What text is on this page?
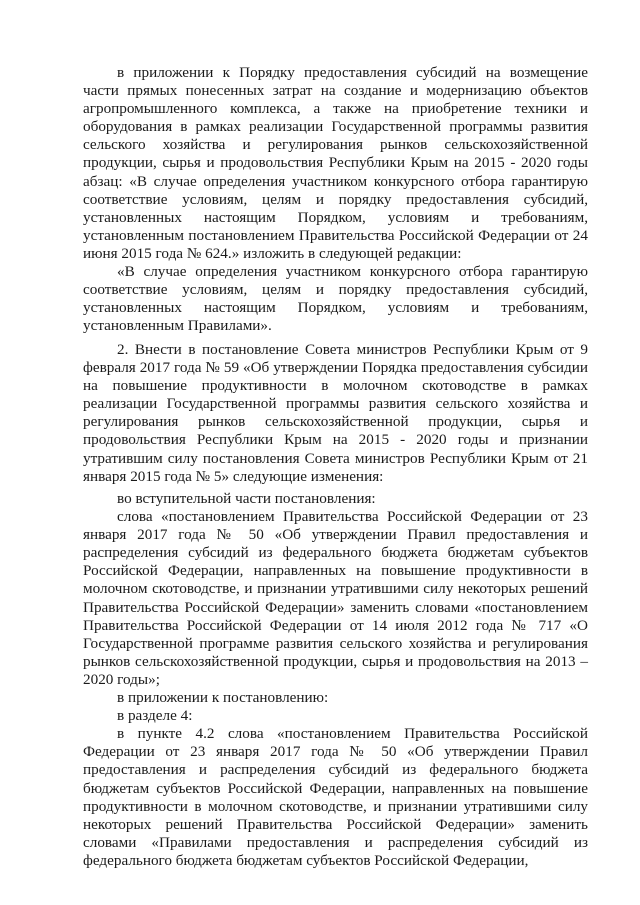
в приложении к Порядку предоставления субсидий на возмещение части прямых понесенных затрат на создание и модернизацию объектов агропромышленного комплекса, а также на приобретение техники и оборудования в рамках реализации Государственной программы развития сельского хозяйства и регулирования рынков сельскохозяйственной продукции, сырья и продовольствия Республики Крым на 2015 - 2020 годы абзац: «В случае определения участником конкурсного отбора гарантирую соответствие условиям, целям и порядку предоставления субсидий, установленных настоящим Порядком, условиям и требованиям, установленным постановлением Правительства Российской Федерации от 24 июня 2015 года № 624.» изложить в следующей редакции:

«В случае определения участником конкурсного отбора гарантирую соответствие условиям, целям и порядку предоставления субсидий, установленных настоящим Порядком, условиям и требованиям, установленным Правилами».

2. Внести в постановление Совета министров Республики Крым от 9 февраля 2017 года № 59 «Об утверждении Порядка предоставления субсидии на повышение продуктивности в молочном скотоводстве в рамках реализации Государственной программы развития сельского хозяйства и регулирования рынков сельскохозяйственной продукции, сырья и продовольствия Республики Крым на 2015 - 2020 годы и признании утратившим силу постановления Совета министров Республики Крым от 21 января 2015 года № 5» следующие изменения:

во вступительной части постановления:

слова «постановлением Правительства Российской Федерации от 23 января 2017 года № 50 «Об утверждении Правил предоставления и распределения субсидий из федерального бюджета бюджетам субъектов Российской Федерации, направленных на повышение продуктивности в молочном скотоводстве, и признании утратившими силу некоторых решений Правительства Российской Федерации» заменить словами «постановлением Правительства Российской Федерации от 14 июля 2012 года № 717 «О Государственной программе развития сельского хозяйства и регулирования рынков сельскохозяйственной продукции, сырья и продовольствия на 2013 – 2020 годы»;

в приложении к постановлению:

в разделе 4:

в пункте 4.2 слова «постановлением Правительства Российской Федерации от 23 января 2017 года № 50 «Об утверждении Правил предоставления и распределения субсидий из федерального бюджета бюджетам субъектов Российской Федерации, направленных на повышение продуктивности в молочном скотоводстве, и признании утратившими силу некоторых решений Правительства Российской Федерации» заменить словами «Правилами предоставления и распределения субсидий из федерального бюджета бюджетам субъектов Российской Федерации,
